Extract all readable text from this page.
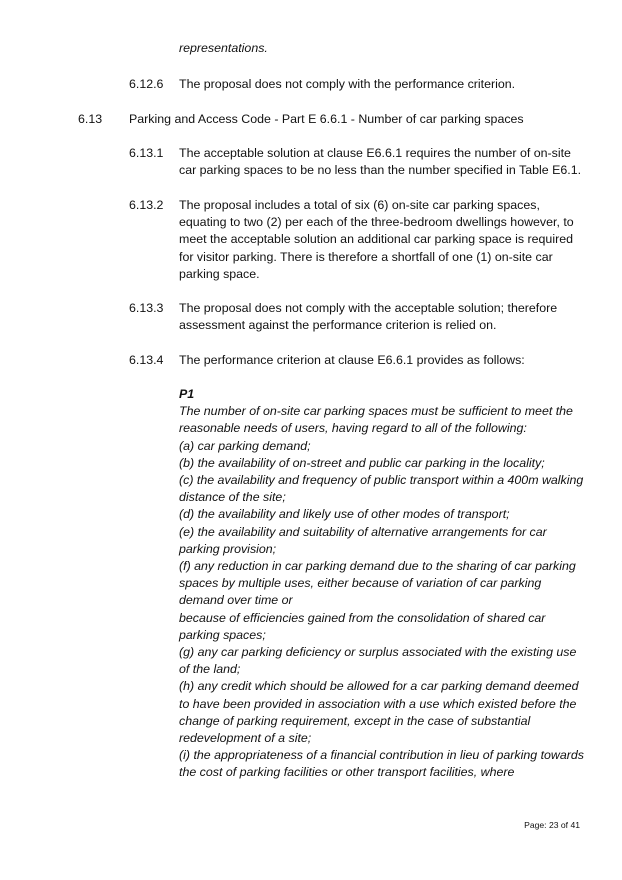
representations.

6.12.6 The proposal does not comply with the performance criterion.

6.13 Parking and Access Code - Part E 6.6.1 - Number of car parking spaces

6.13.1 The acceptable solution at clause E6.6.1 requires the number of on-site car parking spaces to be no less than the number specified in Table E6.1.

6.13.2 The proposal includes a total of six (6) on-site car parking spaces, equating to two (2) per each of the three-bedroom dwellings however, to meet the acceptable solution an additional car parking space is required for visitor parking. There is therefore a shortfall of one (1) on-site car parking space.

6.13.3 The proposal does not comply with the acceptable solution; therefore assessment against the performance criterion is relied on.

6.13.4 The performance criterion at clause E6.6.1 provides as follows:

P1
The number of on-site car parking spaces must be sufficient to meet the reasonable needs of users, having regard to all of the following:
(a) car parking demand;
(b) the availability of on-street and public car parking in the locality;
(c) the availability and frequency of public transport within a 400m walking distance of the site;
(d) the availability and likely use of other modes of transport;
(e) the availability and suitability of alternative arrangements for car parking provision;
(f) any reduction in car parking demand due to the sharing of car parking spaces by multiple uses, either because of variation of car parking demand over time or
because of efficiencies gained from the consolidation of shared car parking spaces;
(g) any car parking deficiency or surplus associated with the existing use of the land;
(h) any credit which should be allowed for a car parking demand deemed to have been provided in association with a use which existed before the change of parking requirement, except in the case of substantial redevelopment of a site;
(i) the appropriateness of a financial contribution in lieu of parking towards the cost of parking facilities or other transport facilities, where

Page: 23 of 41
